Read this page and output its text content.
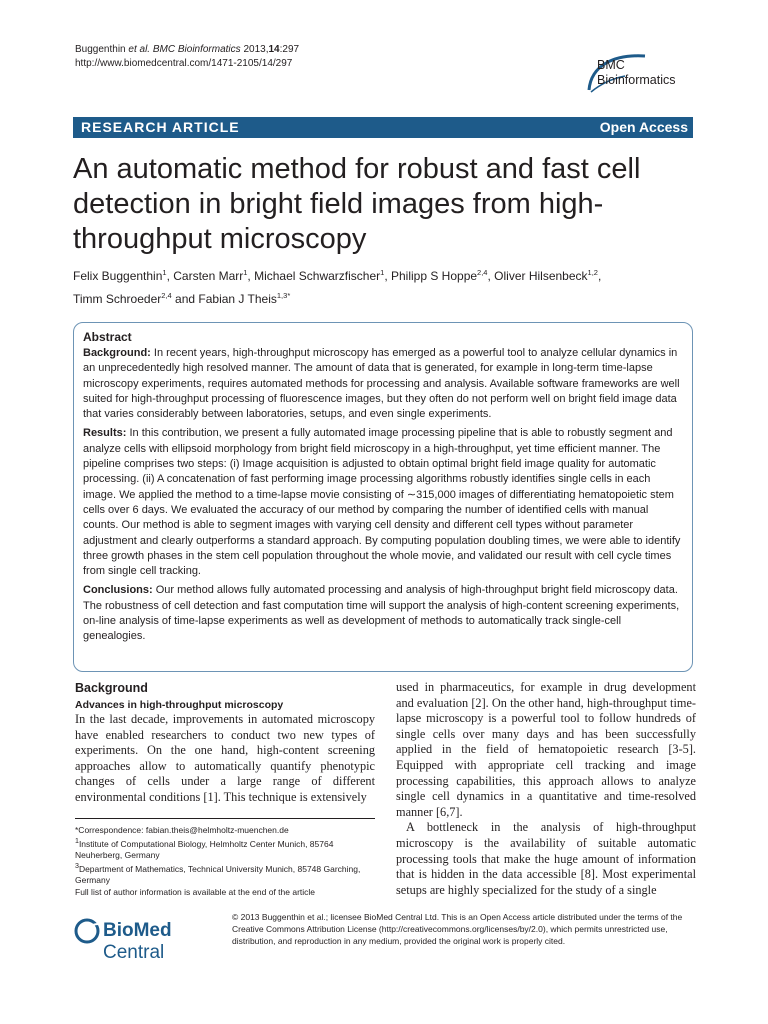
Buggenthin et al. BMC Bioinformatics 2013,14:297
http://www.biomedcentral.com/1471-2105/14/297	BMC
Bioinformatics
RESEARCH ARTICLE	Open Access
An automatic method for robust and fast cell detection in bright field images from high-throughput microscopy
Felix Buggenthin$^1$, Carsten Marr$^1$, Michael Schwarzfischer$^1$, Philipp S Hoppe$^{2,4}$, Oliver Hilsenbeck$^{1,2}$,
Timm Schroeder$^{2,4}$ and Fabian J Theis$^{1,3*}$
Abstract

Background: In recent years, high-throughput microscopy has emerged as a powerful tool to analyze cellular dynamics in an unprecedentedly high resolved manner. The amount of data that is generated, for example in long-term time-lapse microscopy experiments, requires automated methods for processing and analysis. Available software frameworks are well suited for high-throughput processing of fluorescence images, but they often do not perform well on bright field image data that varies considerably between laboratories, setups, and even single experiments.

Results: In this contribution, we present a fully automated image processing pipeline that is able to robustly segment and analyze cells with ellipsoid morphology from bright field microscopy in a high-throughput, yet time efficient manner. The pipeline comprises two steps: (i) Image acquisition is adjusted to obtain optimal bright field image quality for automatic processing. (ii) A concatenation of fast performing image processing algorithms robustly identifies single cells in each image. We applied the method to a time-lapse movie consisting of ∼315,000 images of differentiating hematopoietic stem cells over 6 days. We evaluated the accuracy of our method by comparing the number of identified cells with manual counts. Our method is able to segment images with varying cell density and different cell types without parameter adjustment and clearly outperforms a standard approach. By computing population doubling times, we were able to identify three growth phases in the stem cell population throughout the whole movie, and validated our result with cell cycle times from single cell tracking.

Conclusions: Our method allows fully automated processing and analysis of high-throughput bright field microscopy data. The robustness of cell detection and fast computation time will support the analysis of high-content screening experiments, on-line analysis of time-lapse experiments as well as development of methods to automatically track single-cell genealogies.

Background
Advances in high-throughput microscopy

In the last decade, improvements in automated microscopy have enabled researchers to conduct two new types of experiments. On the one hand, high-content screening approaches allow to automatically quantify phenotypic changes of cells under a large range of different environmental conditions [1]. This technique is extensively

used in pharmaceutics, for example in drug development and evaluation [2]. On the other hand, high-throughput time-lapse microscopy is a powerful tool to follow hundreds of single cells over many days and has been successfully applied in the field of hematopoietic research [3-5]. Equipped with appropriate cell tracking and image processing capabilities, this approach allows to analyze single cell dynamics in a quantitative and time-resolved manner [6,7].

A bottleneck in the analysis of high-throughput microscopy is the availability of suitable automatic processing tools that make the huge amount of information that is hidden in the data accessible [8]. Most experimental setups are highly specialized for the study of a single

*Correspondence: fabian.theis@helmholtz-muenchen.de
$^1$Institute of Computational Biology, Helmholtz Center Munich, 85764 Neuherberg, Germany
$^3$Department of Mathematics, Technical University Munich, 85748 Garching, Germany
Full list of author information is available at the end of the article
BioMed Central
© 2013 Buggenthin et al.; licensee BioMed Central Ltd. This is an Open Access article distributed under the terms of the Creative Commons Attribution License (http://creativecommons.org/licenses/by/2.0), which permits unrestricted use, distribution, and reproduction in any medium, provided the original work is properly cited.
